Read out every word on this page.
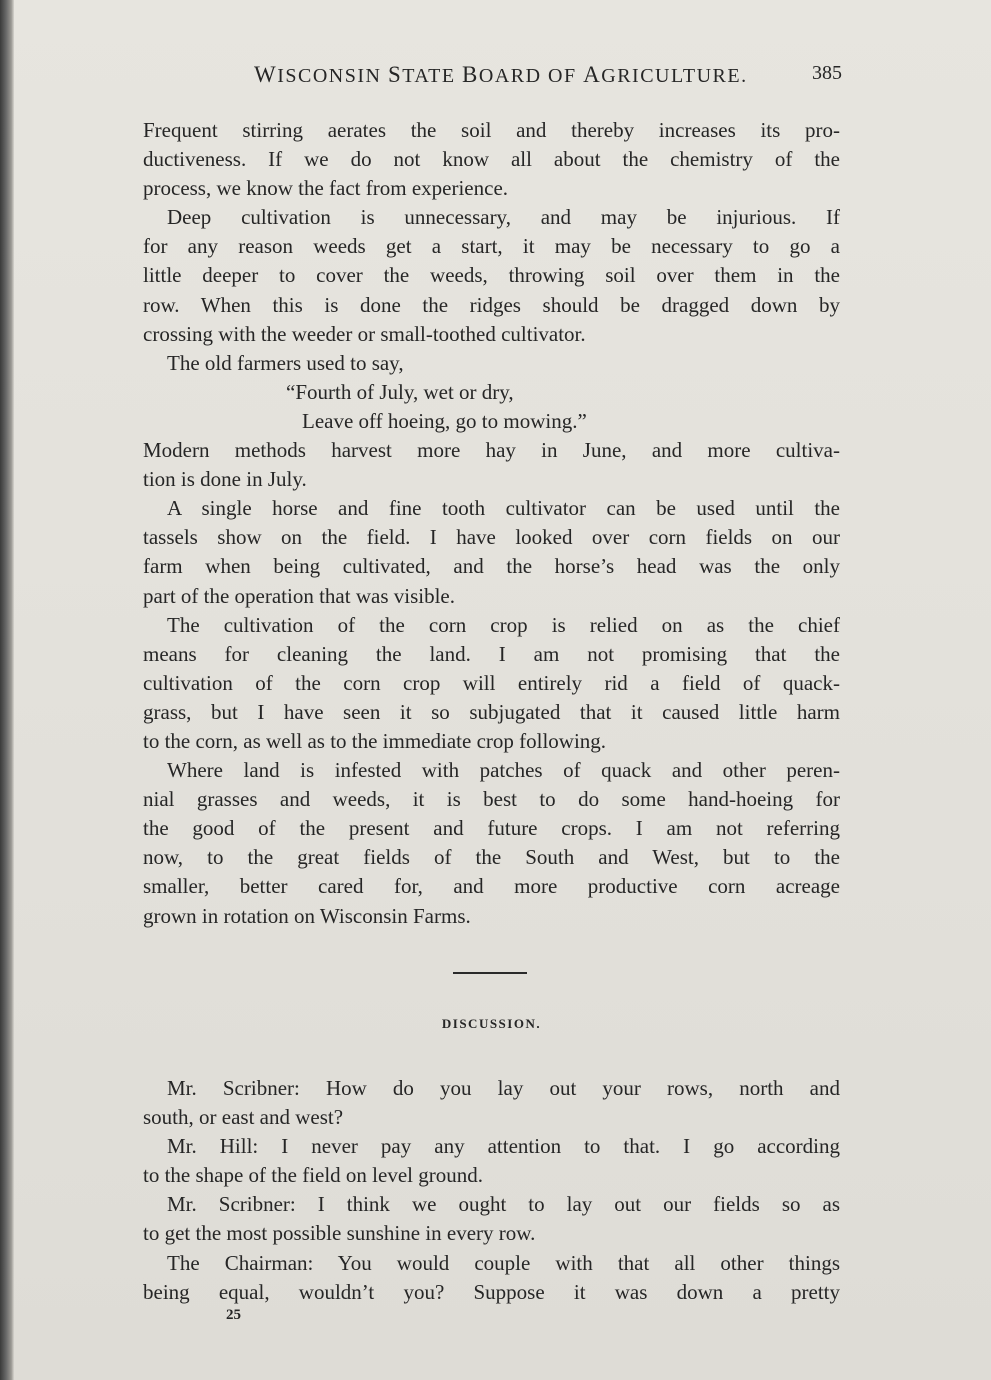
WISCONSIN STATE BOARD OF AGRICULTURE.	385
Frequent stirring aerates the soil and thereby increases its pro-
ductiveness. If we do not know all about the chemistry of the
process, we know the fact from experience.
Deep cultivation is unnecessary, and may be injurious. If
for any reason weeds get a start, it may be necessary to go a
little deeper to cover the weeds, throwing soil over them in the
row. When this is done the ridges should be dragged down by
crossing with the weeder or small-toothed cultivator.
The old farmers used to say,
“Fourth of July, wet or dry,
Leave off hoeing, go to mowing.”
Modern methods harvest more hay in June, and more cultiva-
tion is done in July.
A single horse and fine tooth cultivator can be used until the
tassels show on the field. I have looked over corn fields on our
farm when being cultivated, and the horse’s head was the only
part of the operation that was visible.
The cultivation of the corn crop is relied on as the chief
means for cleaning the land. I am not promising that the
cultivation of the corn crop will entirely rid a field of quack-
grass, but I have seen it so subjugated that it caused little harm
to the corn, as well as to the immediate crop following.
Where land is infested with patches of quack and other peren-
nial grasses and weeds, it is best to do some hand-hoeing for
the good of the present and future crops. I am not referring
now, to the great fields of the South and West, but to the
smaller, better cared for, and more productive corn acreage
grown in rotation on Wisconsin Farms.
DISCUSSION.
Mr. Scribner: How do you lay out your rows, north and
south, or east and west?
Mr. Hill: I never pay any attention to that. I go according
to the shape of the field on level ground.
Mr. Scribner: I think we ought to lay out our fields so as
to get the most possible sunshine in every row.
The Chairman: You would couple with that all other things
being equal, wouldn’t you? Suppose it was down a pretty
25
